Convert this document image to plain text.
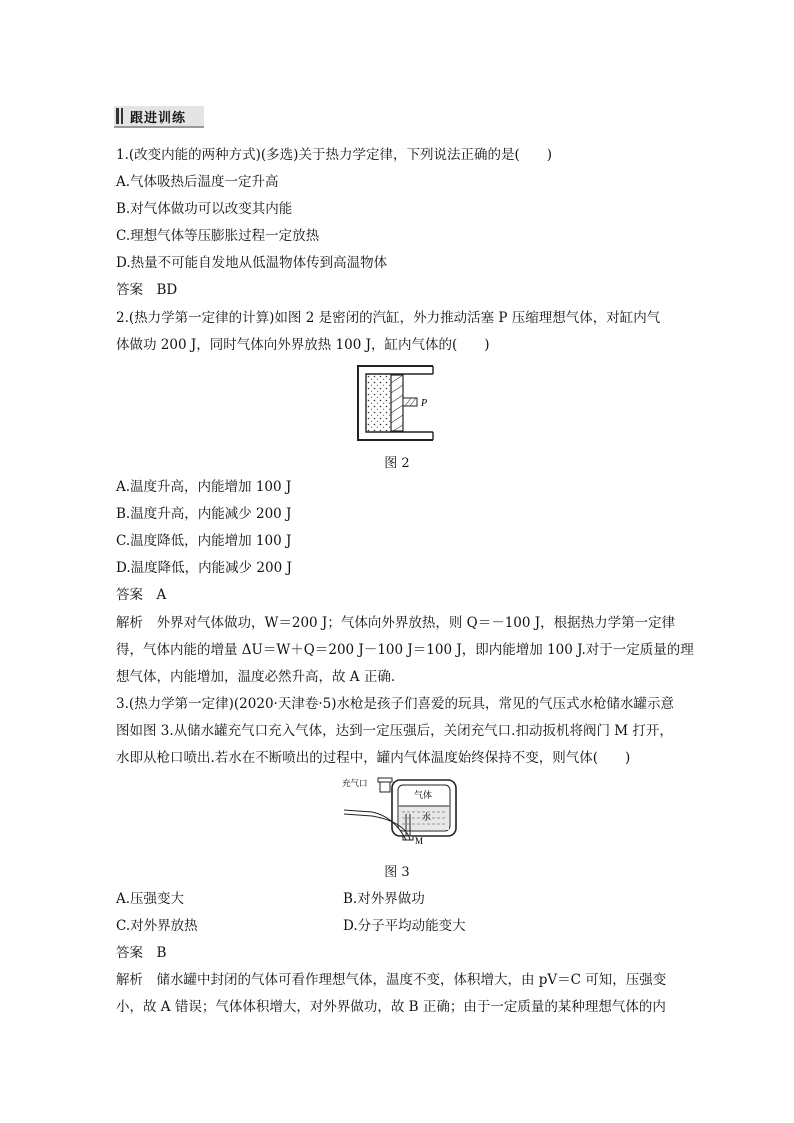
跟进训练
1.(改变内能的两种方式)(多选)关于热力学定律，下列说法正确的是(　　)
A.气体吸热后温度一定升高
B.对气体做功可以改变其内能
C.理想气体等压膨胀过程一定放热
D.热量不可能自发地从低温物体传到高温物体
答案　BD
2.(热力学第一定律的计算)如图 2 是密闭的汽缸，外力推动活塞 P 压缩理想气体，对缸内气
体做功 200 J，同时气体向外界放热 100 J，缸内气体的(　　)
P
图 2
A.温度升高，内能增加 100 J
B.温度升高，内能减少 200 J
C.温度降低，内能增加 100 J
D.温度降低，内能减少 200 J
答案　A
解析　外界对气体做功，W＝200 J；气体向外界放热，则 Q＝－100 J，根据热力学第一定律
得，气体内能的增量 ΔU＝W＋Q＝200 J－100 J＝100 J，即内能增加 100 J.对于一定质量的理
想气体，内能增加，温度必然升高，故 A 正确.
3.(热力学第一定律)(2020·天津卷·5)水枪是孩子们喜爱的玩具，常见的气压式水枪储水罐示意
图如图 3.从储水罐充气口充入气体，达到一定压强后，关闭充气口.扣动扳机将阀门 M 打开，
水即从枪口喷出.若水在不断喷出的过程中，罐内气体温度始终保持不变，则气体(　　)
充气口
气体
水
M
图 3
A.压强变大	B.对外界做功
C.对外界放热	D.分子平均动能变大
答案　B
解析　储水罐中封闭的气体可看作理想气体，温度不变，体积增大，由 pV＝C 可知，压强变
小，故 A 错误；气体体积增大，对外界做功，故 B 正确；由于一定质量的某种理想气体的内
